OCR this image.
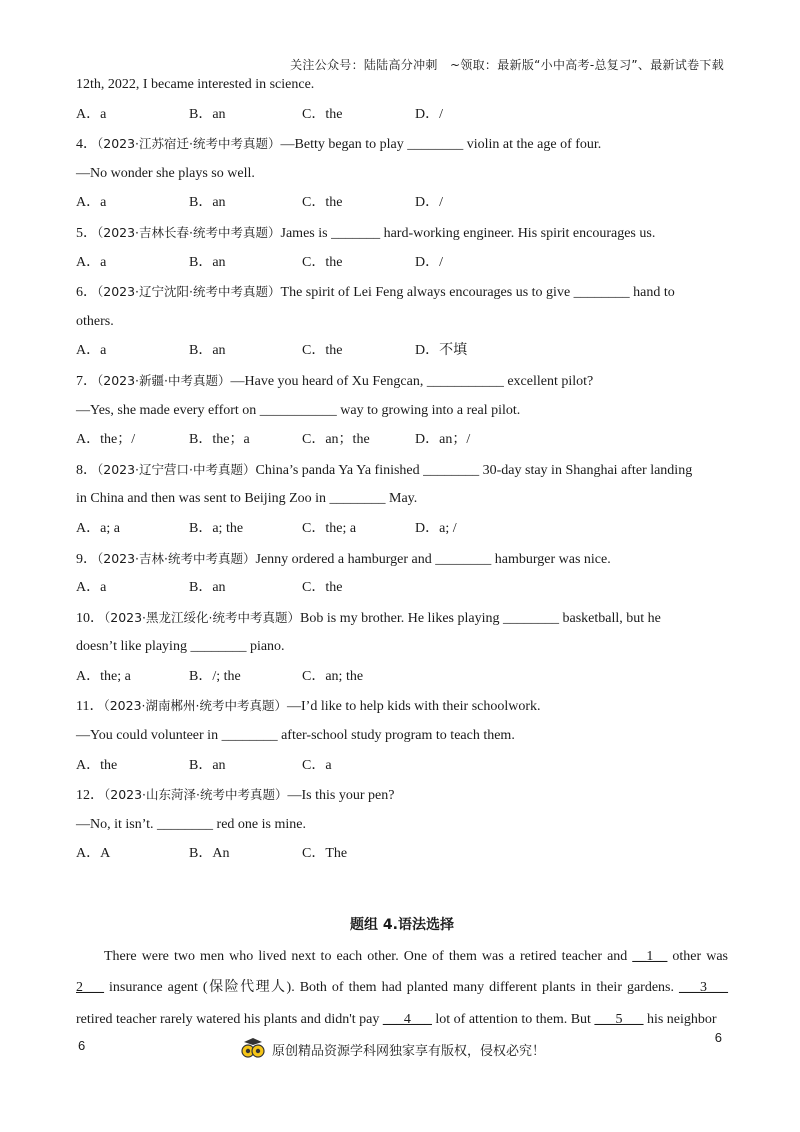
关注公众号：陆陆高分冲刺　~领取：最新版“小中高考-总复习”、最新试卷下载
12th, 2022, I became interested in science.
A．a	B．an	C．the	D．/
4．（2023·江苏宿迁·统考中考真题）—Betty began to play ________ violin at the age of four.
—No wonder she plays so well.
A．a	B．an	C．the	D．/
5．（2023·吉林长春·统考中考真题）James is _______ hard-working engineer. His spirit encourages us.
A．a	B．an	C．the	D．/
6．（2023·辽宁沈阳·统考中考真题）The spirit of Lei Feng always encourages us to give ________ hand to
others.
A．a	B．an	C．the	D．不填
7．（2023·新疆·中考真题）—Have you heard of Xu Fengcan, ___________ excellent pilot?
—Yes, she made every effort on ___________ way to growing into a real pilot.
A．the；/	B．the；a	C．an；the	D．an；/
8．（2023·辽宁营口·中考真题）China’s panda Ya Ya finished ________ 30-day stay in Shanghai after landing
in China and then was sent to Beijing Zoo in ________ May.
A．a; a	B．a; the	C．the; a	D．a; /
9．（2023·吉林·统考中考真题）Jenny ordered a hamburger and ________ hamburger was nice.
A．a	B．an	C．the
10．（2023·黑龙江绥化·统考中考真题）Bob is my brother. He likes playing ________ basketball, but he
doesn’t like playing ________ piano.
A．the; a	B．/; the	C．an; the
11．（2023·湖南郴州·统考中考真题）—I’d like to help kids with their schoolwork.
—You could volunteer in ________ after-school study program to teach them.
A．the	B．an	C．a
12．（2023·山东菏泽·统考中考真题）—Is this your pen?
—No, it isn’t. ________ red one is mine.
A．A	B．An	C．The
题组 4.语法选择
There were two men who lived next to each other. One of them was a retired teacher and __1__ other was 2___ insurance agent (保险代理人). Both of them had planted many different plants in their gardens. ___3___ retired teacher rarely watered his plants and didn't pay ___4___ lot of attention to them. But ___5___ his neighbor
6	原创精品资源学科网独家享有版权，侵权必究！
6
